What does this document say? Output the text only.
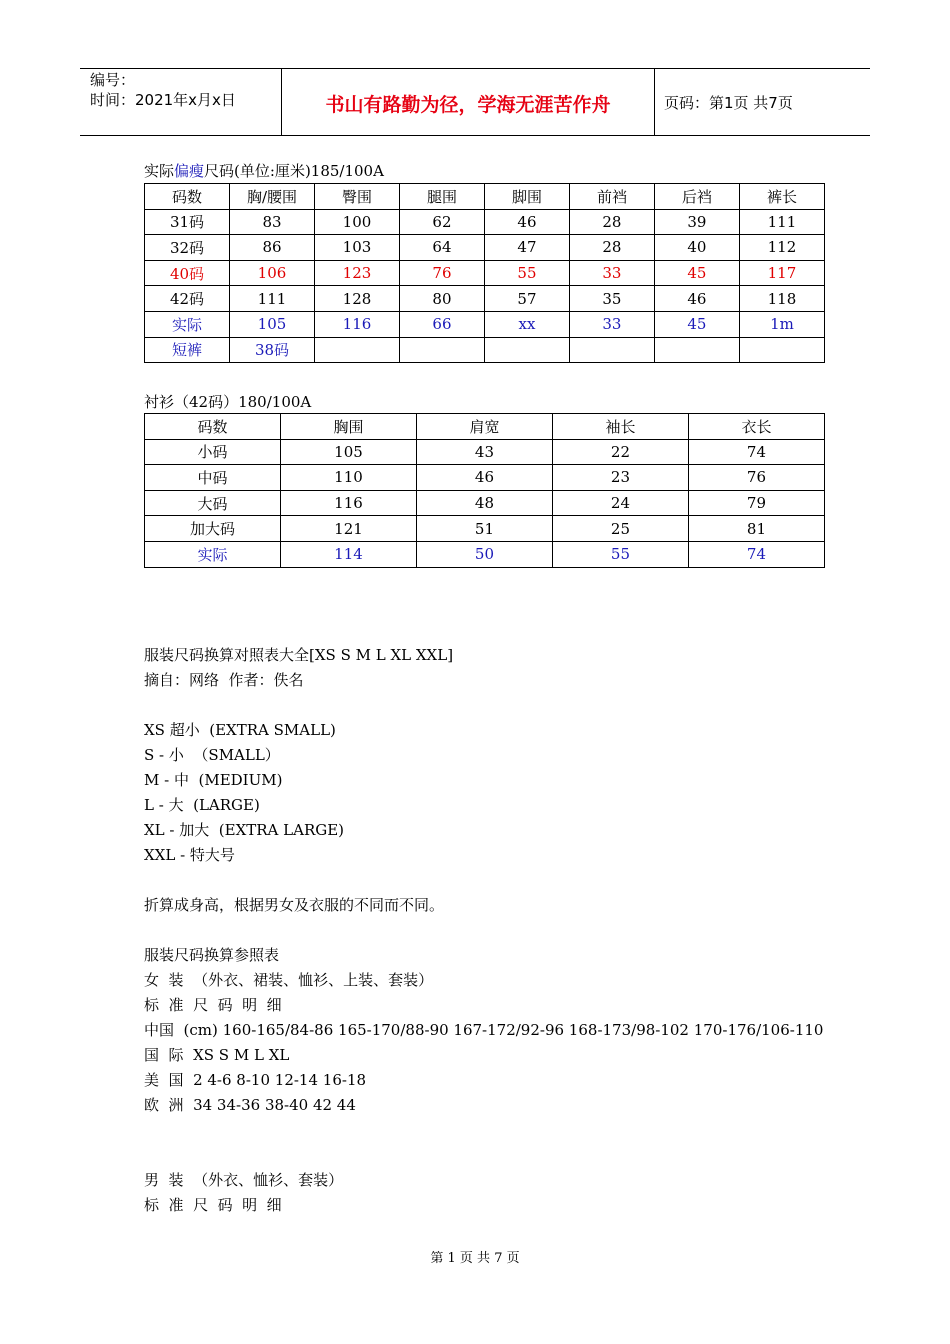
编号：
时间：2021年x月x日	书山有路勤为径，学海无涯苦作舟	页码：第1页 共7页
实际偏瘦尺码(单位:厘米)185/100A
码数	胸/腰围	臀围	腿围	脚围	前裆	后裆	裤长
31码	83	100	62	46	28	39	111
32码	86	103	64	47	28	40	112
40码	106	123	76	55	33	45	117
42码	111	128	80	57	35	46	118
实际	105	116	66	xx	33	45	1m
短裤	38码						
衬衫（42码）180/100A
码数	胸围	肩宽	袖长	衣长
小码	105	43	22	74
中码	110	46	23	76
大码	116	48	24	79
加大码	121	51	25	81
实际	114	50	55	74
服装尺码换算对照表大全[XS S M L XL XXL]
摘自：网络  作者：佚名
XS 超小  (EXTRA SMALL)
S - 小  （SMALL）
M - 中  (MEDIUM)
L - 大  (LARGE)
XL - 加大  (EXTRA LARGE)
XXL - 特大号
折算成身高，根据男女及衣服的不同而不同。
服装尺码换算参照表
女  装  （外衣、裙装、恤衫、上装、套装）
标  准  尺  码  明  细
中国  (cm) 160-165/84-86 165-170/88-90 167-172/92-96 168-173/98-102 170-176/106-110
国  际  XS S M L XL
美  国  2 4-6 8-10 12-14 16-18
欧  洲  34 34-36 38-40 42 44
男  装  （外衣、恤衫、套装）
标  准  尺  码  明  细
第 1 页 共 7 页
